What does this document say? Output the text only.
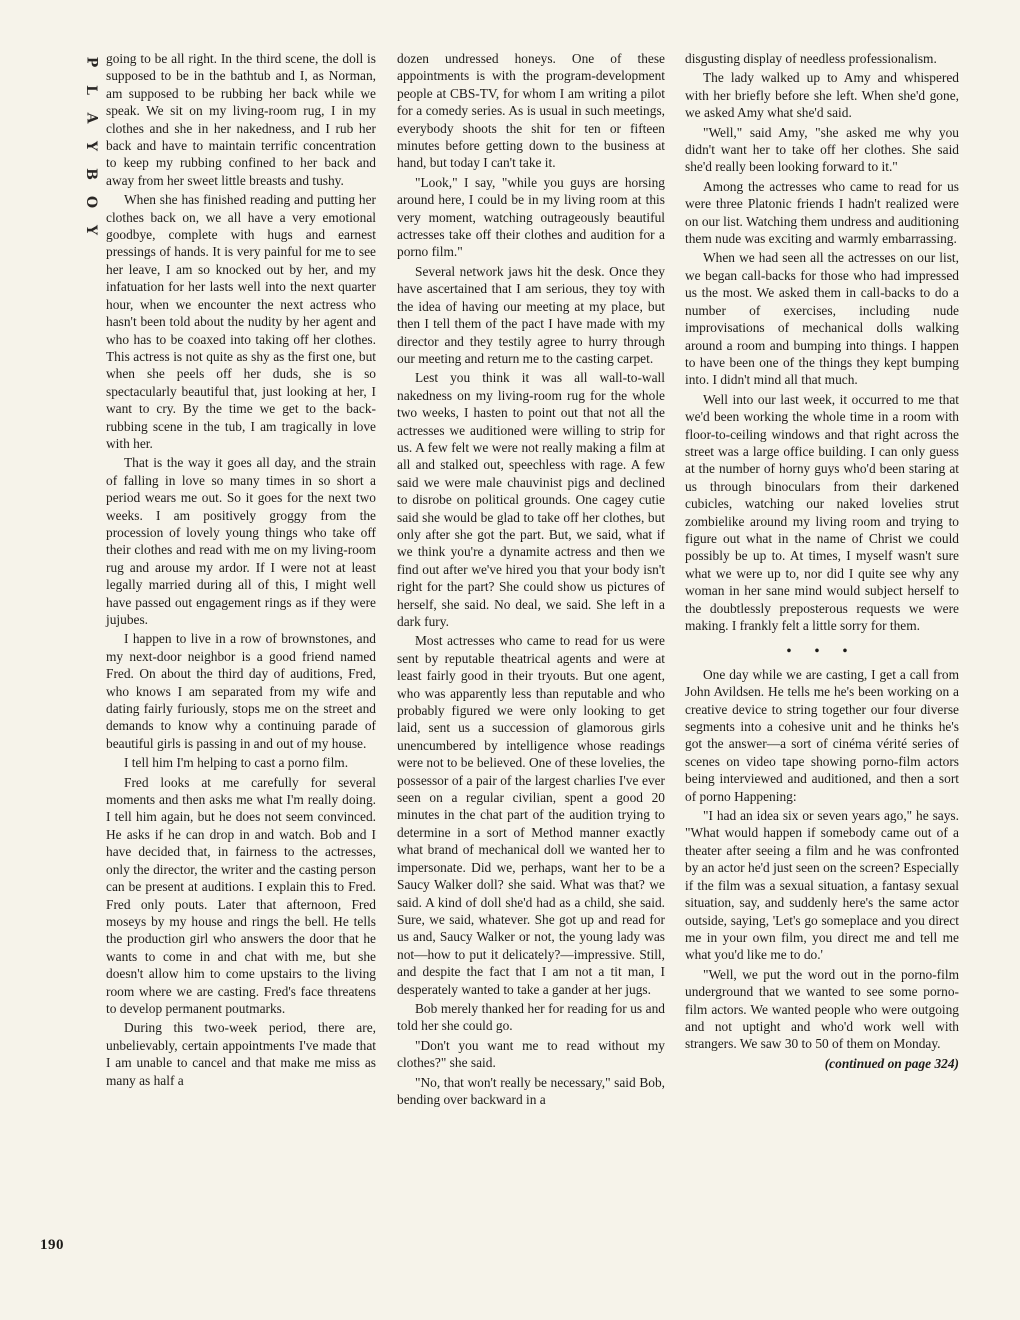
P
L
A
Y
B
O
Y
190

going to be all right. In the third scene, the doll is supposed to be in the bathtub and I, as Norman, am supposed to be rubbing her back while we speak. We sit on my living-room rug, I in my clothes and she in her nakedness, and I rub her back and have to maintain terrific concentration to keep my rubbing confined to her back and away from her sweet little breasts and tushy.

When she has finished reading and putting her clothes back on, we all have a very emotional goodbye, complete with hugs and earnest pressings of hands. It is very painful for me to see her leave, I am so knocked out by her, and my infatuation for her lasts well into the next quarter hour, when we encounter the next actress who hasn't been told about the nudity by her agent and who has to be coaxed into taking off her clothes. This actress is not quite as shy as the first one, but when she peels off her duds, she is so spectacularly beautiful that, just looking at her, I want to cry. By the time we get to the back-rubbing scene in the tub, I am tragically in love with her.

That is the way it goes all day, and the strain of falling in love so many times in so short a period wears me out. So it goes for the next two weeks. I am positively groggy from the procession of lovely young things who take off their clothes and read with me on my living-room rug and arouse my ardor. If I were not at least legally married during all of this, I might well have passed out engagement rings as if they were jujubes.

I happen to live in a row of brownstones, and my next-door neighbor is a good friend named Fred. On about the third day of auditions, Fred, who knows I am separated from my wife and dating fairly furiously, stops me on the street and demands to know why a continuing parade of beautiful girls is passing in and out of my house.

I tell him I'm helping to cast a porno film.

Fred looks at me carefully for several moments and then asks me what I'm really doing. I tell him again, but he does not seem convinced. He asks if he can drop in and watch. Bob and I have decided that, in fairness to the actresses, only the director, the writer and the casting person can be present at auditions. I explain this to Fred. Fred only pouts. Later that afternoon, Fred moseys by my house and rings the bell. He tells the production girl who answers the door that he wants to come in and chat with me, but she doesn't allow him to come upstairs to the living room where we are casting. Fred's face threatens to develop permanent poutmarks.

During this two-week period, there are, unbelievably, certain appointments I've made that I am unable to cancel and that make me miss as many as half a

dozen undressed honeys. One of these appointments is with the program-development people at CBS-TV, for whom I am writing a pilot for a comedy series. As is usual in such meetings, everybody shoots the shit for ten or fifteen minutes before getting down to the business at hand, but today I can't take it.

"Look," I say, "while you guys are horsing around here, I could be in my living room at this very moment, watching outrageously beautiful actresses take off their clothes and audition for a porno film."

Several network jaws hit the desk. Once they have ascertained that I am serious, they toy with the idea of having our meeting at my place, but then I tell them of the pact I have made with my director and they testily agree to hurry through our meeting and return me to the casting carpet.

Lest you think it was all wall-to-wall nakedness on my living-room rug for the whole two weeks, I hasten to point out that not all the actresses we auditioned were willing to strip for us. A few felt we were not really making a film at all and stalked out, speechless with rage. A few said we were male chauvinist pigs and declined to disrobe on political grounds. One cagey cutie said she would be glad to take off her clothes, but only after she got the part. But, we said, what if we think you're a dynamite actress and then we find out after we've hired you that your body isn't right for the part? She could show us pictures of herself, she said. No deal, we said. She left in a dark fury.

Most actresses who came to read for us were sent by reputable theatrical agents and were at least fairly good in their tryouts. But one agent, who was apparently less than reputable and who probably figured we were only looking to get laid, sent us a succession of glamorous girls unencumbered by intelligence whose readings were not to be believed. One of these lovelies, the possessor of a pair of the largest charlies I've ever seen on a regular civilian, spent a good 20 minutes in the chat part of the audition trying to determine in a sort of Method manner exactly what brand of mechanical doll we wanted her to impersonate. Did we, perhaps, want her to be a Saucy Walker doll? she said. What was that? we said. A kind of doll she'd had as a child, she said. Sure, we said, whatever. She got up and read for us and, Saucy Walker or not, the young lady was not—how to put it delicately?—impressive. Still, and despite the fact that I am not a tit man, I desperately wanted to take a gander at her jugs.

Bob merely thanked her for reading for us and told her she could go.

"Don't you want me to read without my clothes?" she said.

"No, that won't really be necessary," said Bob, bending over backward in a

disgusting display of needless professionalism.

The lady walked up to Amy and whispered with her briefly before she left. When she'd gone, we asked Amy what she'd said.

"Well," said Amy, "she asked me why you didn't want her to take off her clothes. She said she'd really been looking forward to it."

Among the actresses who came to read for us were three Platonic friends I hadn't realized were on our list. Watching them undress and auditioning them nude was exciting and warmly embarrassing.

When we had seen all the actresses on our list, we began call-backs for those who had impressed us the most. We asked them in call-backs to do a number of exercises, including nude improvisations of mechanical dolls walking around a room and bumping into things. I happen to have been one of the things they kept bumping into. I didn't mind all that much.

Well into our last week, it occurred to me that we'd been working the whole time in a room with floor-to-ceiling windows and that right across the street was a large office building. I can only guess at the number of horny guys who'd been staring at us through binoculars from their darkened cubicles, watching our naked lovelies strut zombielike around my living room and trying to figure out what in the name of Christ we could possibly be up to. At times, I myself wasn't sure what we were up to, nor did I quite see why any woman in her sane mind would subject herself to the doubtlessly preposterous requests we were making. I frankly felt a little sorry for them.

• • •

One day while we are casting, I get a call from John Avildsen. He tells me he's been working on a creative device to string together our four diverse segments into a cohesive unit and he thinks he's got the answer—a sort of cinéma vérité series of scenes on video tape showing porno-film actors being interviewed and auditioned, and then a sort of porno Happening:

"I had an idea six or seven years ago," he says. "What would happen if somebody came out of a theater after seeing a film and he was confronted by an actor he'd just seen on the screen? Especially if the film was a sexual situation, a fantasy sexual situation, say, and suddenly here's the same actor outside, saying, 'Let's go someplace and you direct me in your own film, you direct me and tell me what you'd like me to do.'

"Well, we put the word out in the porno-film underground that we wanted to see some porno-film actors. We wanted people who were outgoing and not uptight and who'd work well with strangers. We saw 30 to 50 of them on Monday.

(continued on page 324)
